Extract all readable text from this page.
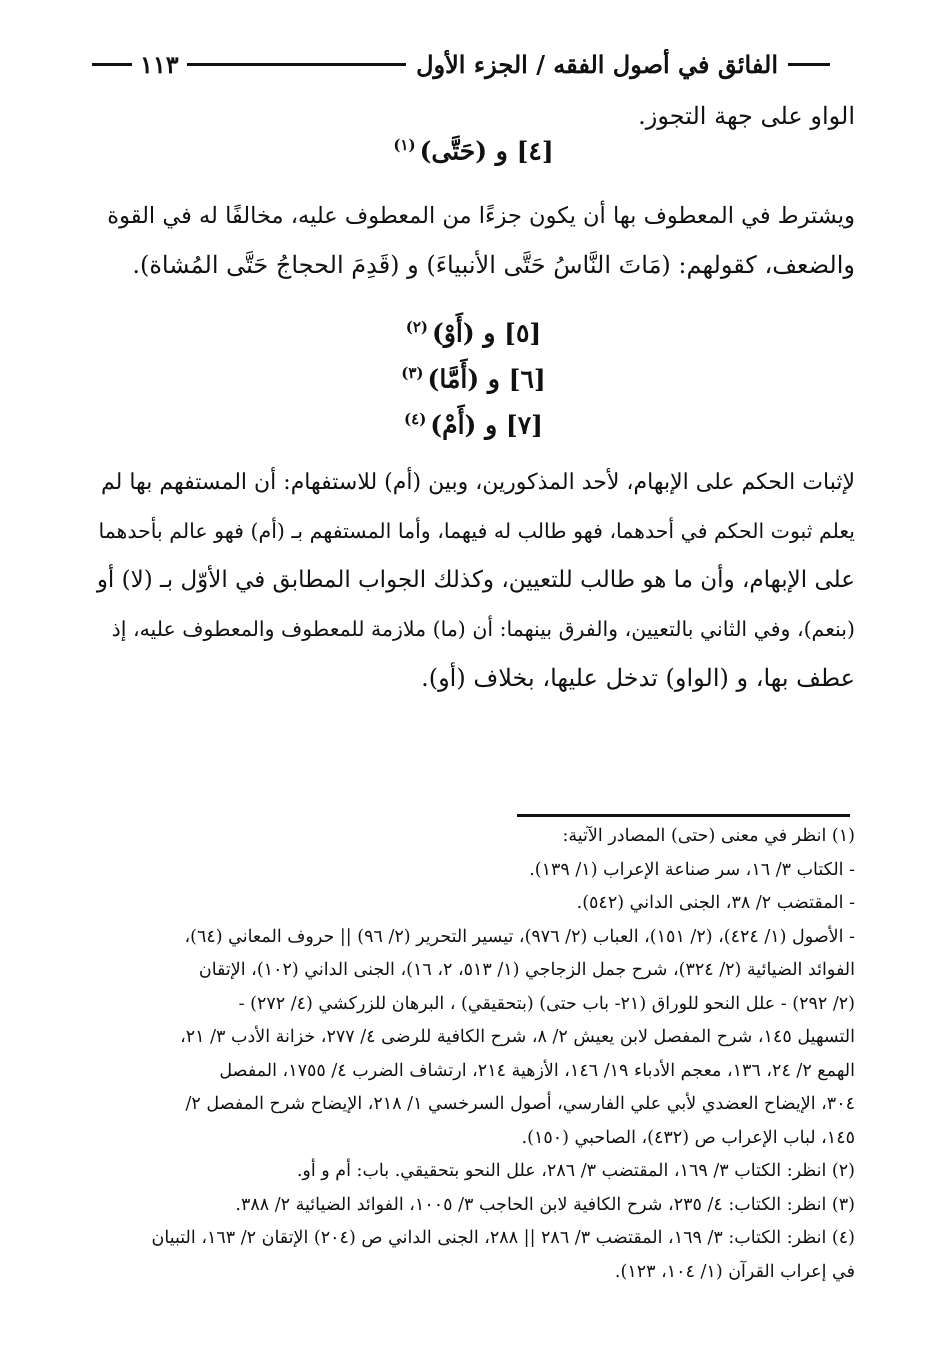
الفائق في أصول الفقه / الجزء الأول
١١٣
الواو على جهة التجوز.
[٤] و (حَتَّى)$^{(١)}$
ويشترط في المعطوف بها أن يكون جزءًا من المعطوف عليه، مخالفًا له في القوة
والضعف، كقولهم: (مَاتَ النَّاسُ حَتَّى الأنبياءَ) و (قَدِمَ الحجاجُ حَتَّى المُشاة).
[٥] و (أَوْ)$^{(٢)}$
[٦] و (أَمَّا)$^{(٣)}$
[٧] و (أَمْ)$^{(٤)}$
لإثبات الحكم على الإبهام، لأحد المذكورين، وبين (أم) للاستفهام: أن المستفهم بها لم
يعلم ثبوت الحكم في أحدهما، فهو طالب له فيهما، وأما المستفهم بـ (أم) فهو عالم بأحدهما
على الإبهام، وأن ما هو طالب للتعيين، وكذلك الجواب المطابق في الأوّل بـ (لا) أو
(بنعم)، وفي الثاني بالتعيين، والفرق بينهما: أن (ما) ملازمة للمعطوف والمعطوف عليه، إذ
عطف بها، و (الواو) تدخل عليها، بخلاف (أو).
(١) انظر في معنى (حتى) المصادر الآتية:
- الكتاب ٣/ ١٦، سر صناعة الإعراب (١/ ١٣٩).
- المقتضب ٢/ ٣٨، الجنى الداني (٥٤٢).
- الأصول (١/ ٤٢٤)، (٢/ ١٥١)، العباب (٢/ ٩٧٦)، تيسير التحرير (٢/ ٩٦) || حروف المعاني (٦٤)،
الفوائد الضيائية (٢/ ٣٢٤)، شرح جمل الزجاجي (١/ ٥١٣، ٢، ١٦)، الجنى الداني (١٠٢)، الإتقان
(٢/ ٢٩٢) - علل النحو للوراق (٢١- باب حتى) (بتحقيقي) ، البرهان للزركشي (٤/ ٢٧٢) -
التسهيل ١٤٥، شرح المفصل لابن يعيش ٢/ ٨، شرح الكافية للرضى ٤/ ٢٧٧، خزانة الأدب ٣/ ٢١،
الهمع ٢/ ٢٤، ١٣٦، معجم الأدباء ١٩/ ١٤٦، الأزهية ٢١٤، ارتشاف الضرب ٤/ ١٧٥٥، المفصل
٣٠٤، الإيضاح العضدي لأبي علي الفارسي، أصول السرخسي ١/ ٢١٨، الإيضاح شرح المفصل ٢/
١٤٥، لباب الإعراب ص (٤٣٢)، الصاحبي (١٥٠).
(٢) انظر: الكتاب ٣/ ١٦٩، المقتضب ٣/ ٢٨٦، علل النحو بتحقيقي. باب: أم و أو.
(٣) انظر: الكتاب: ٤/ ٢٣٥، شرح الكافية لابن الحاجب ٣/ ١٠٠٥، الفوائد الضيائية ٢/ ٣٨٨.
(٤) انظر: الكتاب: ٣/ ١٦٩، المقتضب ٣/ ٢٨٦ || ٢٨٨، الجنى الداني ص (٢٠٤) الإتقان ٢/ ١٦٣، التبيان
في إعراب القرآن (١/ ١٠٤، ١٢٣).
